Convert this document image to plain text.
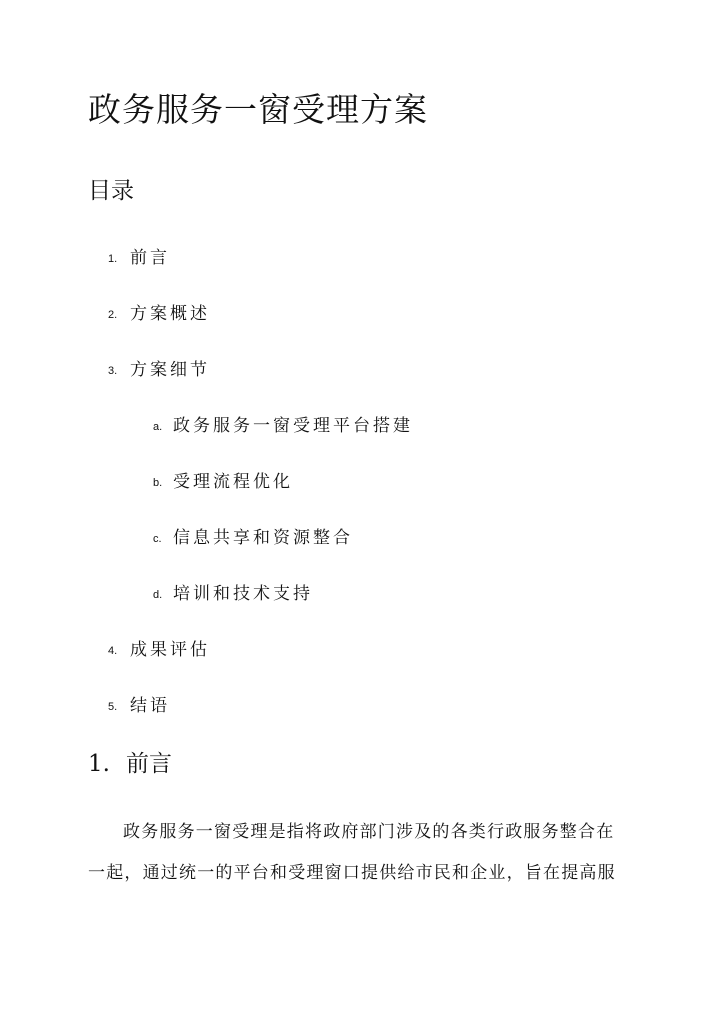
政务服务一窗受理方案
目录
1. 前言
2. 方案概述
3. 方案细节
a. 政务服务一窗受理平台搭建
b. 受理流程优化
c. 信息共享和资源整合
d. 培训和技术支持
4. 成果评估
5. 结语
1. 前言
政务服务一窗受理是指将政府部门涉及的各类行政服务整合在
一起，通过统一的平台和受理窗口提供给市民和企业，旨在提高服
